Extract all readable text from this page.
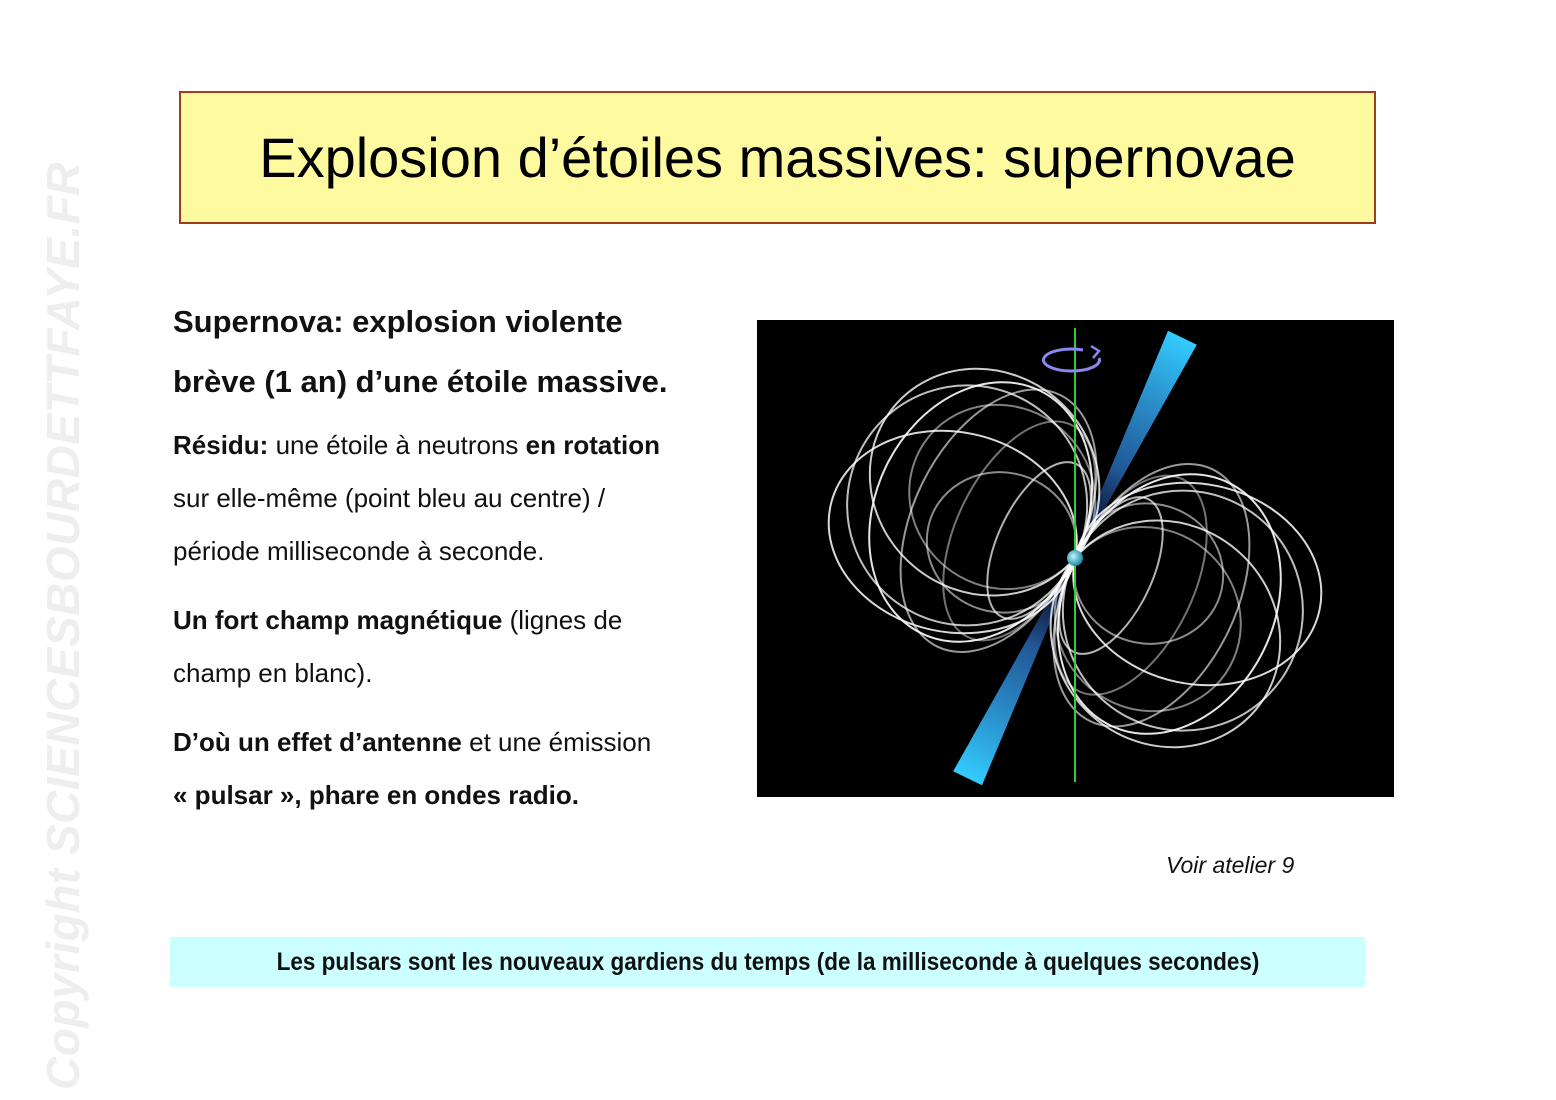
Copyright SCIENCESBOURDETTFAYE.FR
Explosion d’étoiles massives: supernovae

Supernova: explosion violente
brève (1 an) d’une étoile massive.

Résidu: une étoile à neutrons en rotation
sur elle-même (point bleu au centre) /
période milliseconde à seconde.

Un fort champ magnétique (lignes de
champ en blanc).

D’où un effet d’antenne et une émission
« pulsar », phare en ondes radio.

Voir atelier 9
Les pulsars sont les nouveaux gardiens du temps (de la milliseconde à quelques secondes)
